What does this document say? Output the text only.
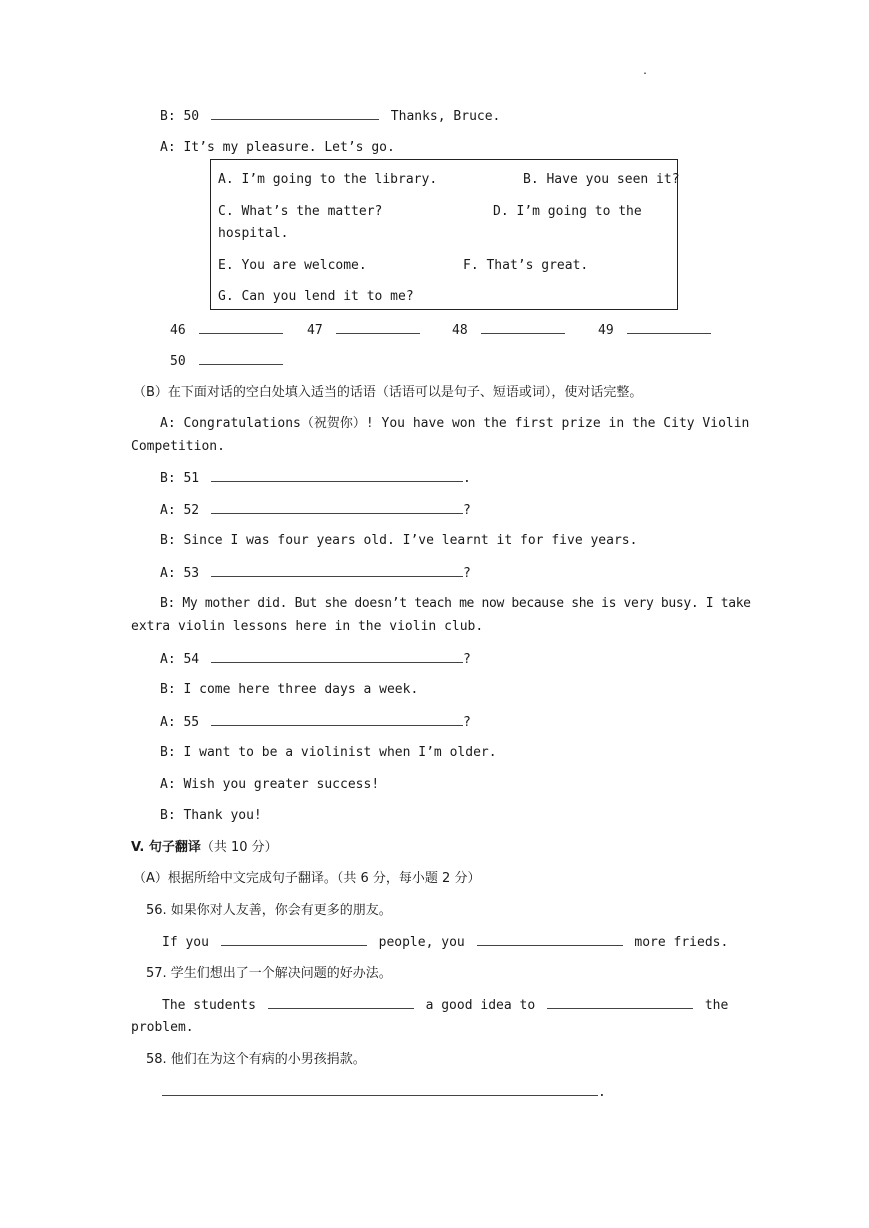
.
B: 50	Thanks, Bruce.
A: It’s my pleasure. Let’s go.
A. I’m going to the library.	B. Have you seen it?
C. What’s the matter?	D. I’m going to the
hospital.
E. You are welcome.	F. That’s great.
G. Can you lend it to me?
46	47	48	49
50
（B）在下面对话的空白处填入适当的话语（话语可以是句子、短语或词），使对话完整。
A: Congratulations（祝贺你）! You have won the first prize in the City Violin
Competition.
B: 51	.
A: 52	?
B: Since I was four years old. I’ve learnt it for five years.
A: 53	?
B: My mother did. But she doesn’t teach me now because she is very busy. I take
extra violin lessons here in the violin club.
A: 54	?
B: I come here three days a week.
A: 55	?
B: I want to be a violinist when I’m older.
A: Wish you greater success!
B: Thank you!
V. 句子翻译（共 10 分）
（A）根据所给中文完成句子翻译。（共 6 分，每小题 2 分）
56. 如果你对人友善，你会有更多的朋友。
If you	people, you	more frieds.
57. 学生们想出了一个解决问题的好办法。
The students	a good idea to	the
problem.
58. 他们在为这个有病的小男孩捐款。
.
